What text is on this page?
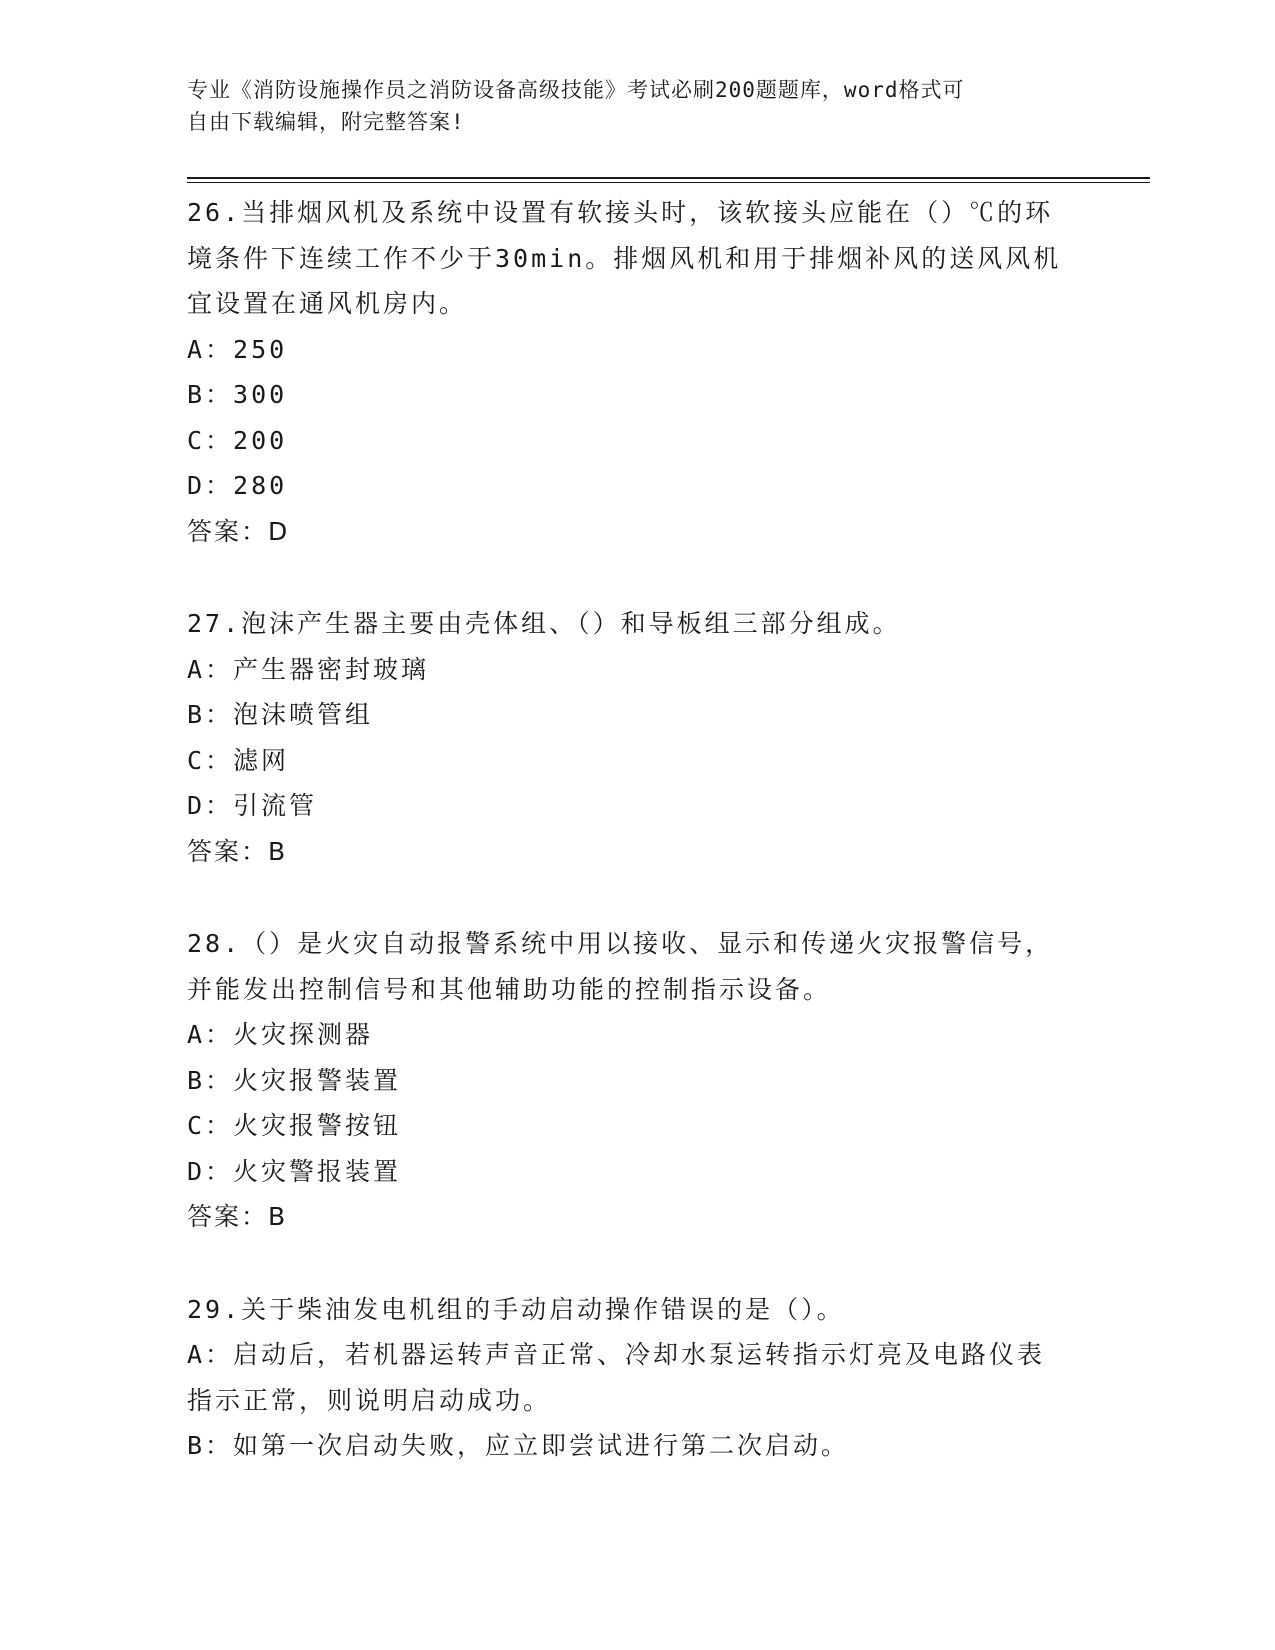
专业《消防设施操作员之消防设备高级技能》考试必刷200题题库，word格式可
自由下载编辑，附完整答案!

26.当排烟风机及系统中设置有软接头时，该软接头应能在（）℃的环

境条件下连续工作不少于30min。排烟风机和用于排烟补风的送风风机

宜设置在通风机房内。

A：250

B：300

C：200

D：280

答案：D

27.泡沫产生器主要由壳体组、（）和导板组三部分组成。

A：产生器密封玻璃

B：泡沫喷管组

C：滤网

D：引流管

答案：B

28.（）是火灾自动报警系统中用以接收、显示和传递火灾报警信号，

并能发出控制信号和其他辅助功能的控制指示设备。

A：火灾探测器

B：火灾报警装置

C：火灾报警按钮

D：火灾警报装置

答案：B

29.关于柴油发电机组的手动启动操作错误的是（）。

A：启动后，若机器运转声音正常、冷却水泵运转指示灯亮及电路仪表

指示正常，则说明启动成功。

B：如第一次启动失败，应立即尝试进行第二次启动。
